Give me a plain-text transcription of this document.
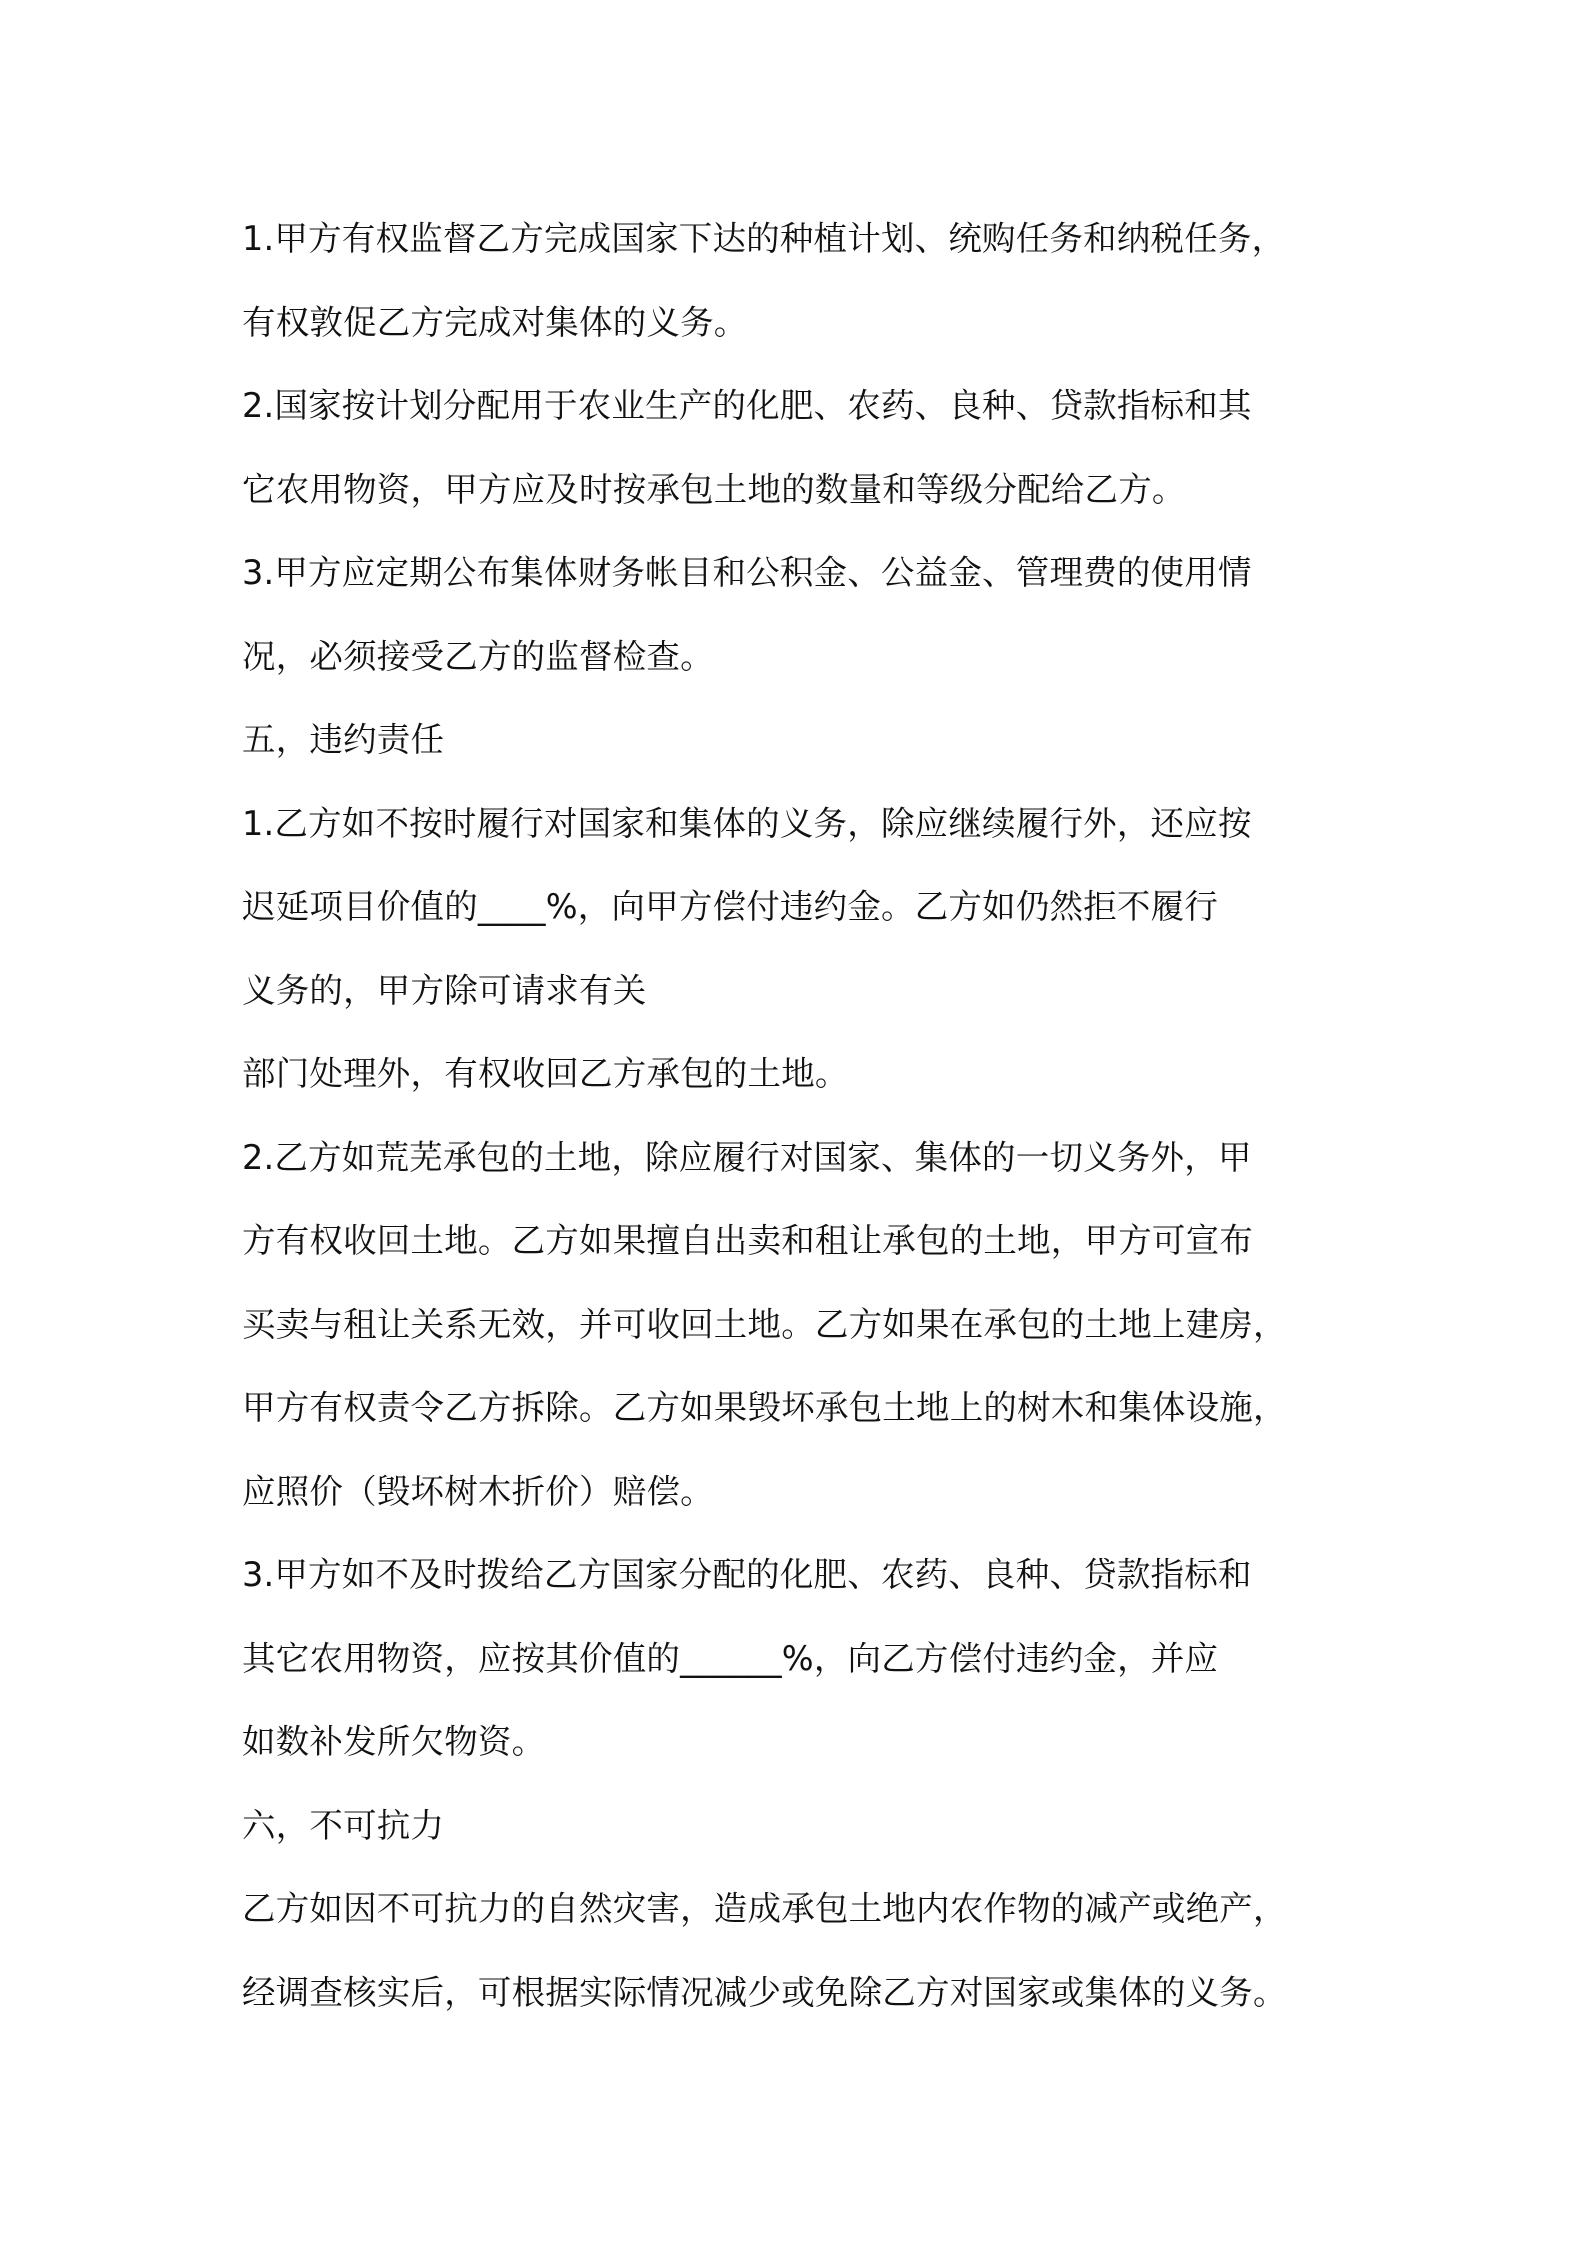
1.甲方有权监督乙方完成国家下达的种植计划、统购任务和纳税任务，
有权敦促乙方完成对集体的义务。
2.国家按计划分配用于农业生产的化肥、农药、良种、贷款指标和其
它农用物资，甲方应及时按承包土地的数量和等级分配给乙方。
3.甲方应定期公布集体财务帐目和公积金、公益金、管理费的使用情
况，必须接受乙方的监督检查。
五，违约责任
1.乙方如不按时履行对国家和集体的义务，除应继续履行外，还应按
迟延项目价值的____%，向甲方偿付违约金。乙方如仍然拒不履行
义务的，甲方除可请求有关
部门处理外，有权收回乙方承包的土地。
2.乙方如荒芜承包的土地，除应履行对国家、集体的一切义务外，甲
方有权收回土地。乙方如果擅自出卖和租让承包的土地，甲方可宣布
买卖与租让关系无效，并可收回土地。乙方如果在承包的土地上建房，
甲方有权责令乙方拆除。乙方如果毁坏承包土地上的树木和集体设施，
应照价（毁坏树木折价）赔偿。
3.甲方如不及时拨给乙方国家分配的化肥、农药、良种、贷款指标和
其它农用物资，应按其价值的______%，向乙方偿付违约金，并应
如数补发所欠物资。
六，不可抗力
乙方如因不可抗力的自然灾害，造成承包土地内农作物的减产或绝产，
经调查核实后，可根据实际情况减少或免除乙方对国家或集体的义务。
